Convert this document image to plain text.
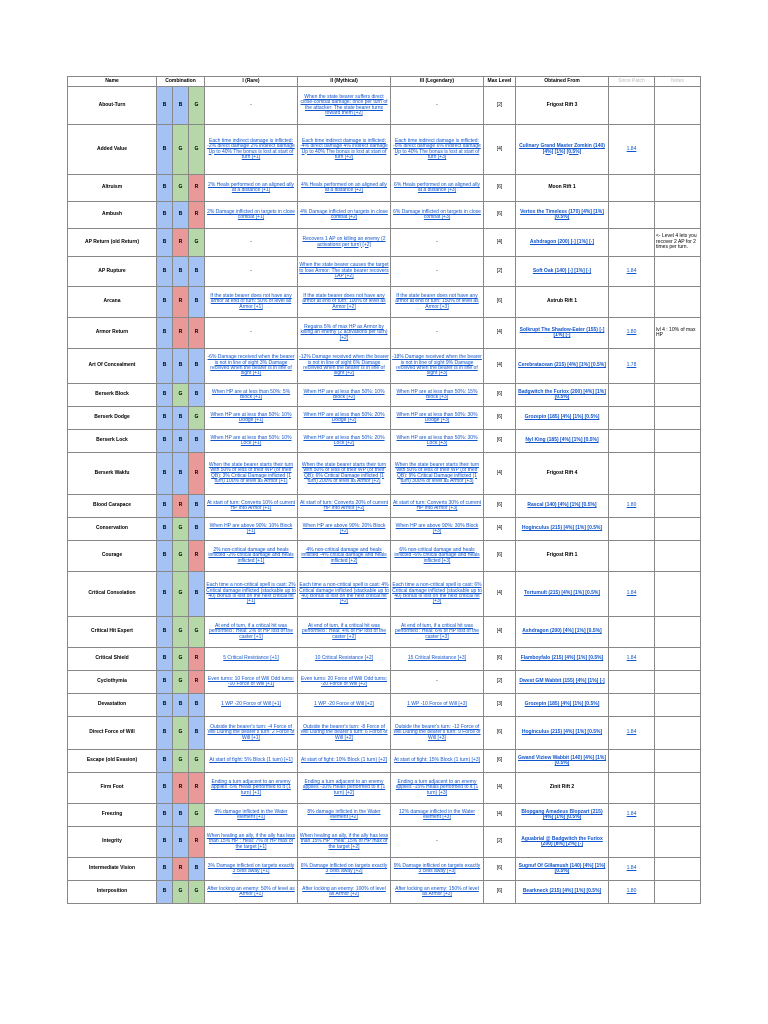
Name	Combination			I (Rare)	II (Mythical)	III (Legendary)	Max Level	Obtained From	Since Patch	Notes
About-Turn	B	B	G	-	When the state bearer suffers direct close-combat damage: once per turn of the attacker: The state bearer turns toward them [+2]	-	[2]	Frigost Rift 3		
Added Value	B	G	G	Each time indirect damage is inflicted: -2% direct damage 2% indirect damage Up to 40% The bonus is lost at start of turn [+1]	Each time indirect damage is inflicted: -4% direct damage 4% indirect damage Up to 40% The bonus is lost at start of turn [+2]	Each time indirect damage is inflicted: -6% direct damage 6% indirect damage Up to 40% The bonus is lost at start of turn [+3]	[4]	Culinary Grand Master Zomkin (140) [4%] [1%] [0.5%]	1.84	
Altruism	B	G	R	2% Heals performed on an aligned ally at a distance [+1]	4% Heals performed on an aligned ally at a distance [+2]	6% Heals performed on an aligned ally at a distance [+3]	[6]	Moon Rift 1		
Ambush	B	B	R	2% Damage inflicted on targets in close combat [+1]	4% Damage inflicted on targets in close combat [+2]	6% Damage inflicted on targets in close combat [+3]	[6]	Vertox the Timeless (170) [4%] [1%] [0.5%]		
AP Return (old Return)	B	R	G	-	Recovers 1 AP on killing an enemy (2 activations per turn) [+2]	-	[4]	Ashdragon (200) [-] [1%] [-]		<- Level 4 lets you recover 2 AP for 2 times per turn.
AP Rupture	B	B	B	-	When the state bearer causes the target to lose Armor: The state bearer recovers 1AP [+2]	-	[2]	Soft Oak (140) [-] [1%] [-]	1.84	
Arcana	B	R	B	If the state bearer does not have any armor at end of turn: 50% of level as Armor [+1]	If the state bearer does not have any armor at end of turn: 100% of level as Armor [+2]	If the state bearer does not have any armor at end of turn: 150% of level as Armor [+3]	[6]	Astrub Rift 1		
Armor Return	B	R	R	-	Regains 5% of max HP as Armor by killing an enemy (2 activations per turn) [+2]	-	[4]	Solkrupt The Shadow-Eater (155) [-] [1%] [-]	1.80	lvl 4 : 10% of max HP
Art Of Concealment	B	B	B	-6% Damage received when the bearer is not in line of sight 3% Damage received when the bearer is in line of sight [+1]	-12% Damage received when the bearer is not in line of sight 6% Damage received when the bearer is in line of sight [+2]	-18% Damage received when the bearer is not in line of sight 9% Damage received when the bearer is in line of sight [+3]	[4]	Cerebratacean (215) [4%] [1%] [0.5%]	1.78	
Berserk Block	B	G	B	When HP are at less than 50%: 5% Block [+1]	When HP are at less than 50%: 10% Block [+2]	When HP are at less than 50%: 15% Block [+3]	[6]	Badgwitch the Furiox (200) [4%] [1%] [0.5%]		
Berserk Dodge	B	B	G	When HP are at less than 50%: 10% Dodge [+1]	When HP are at less than 50%: 20% Dodge [+2]	When HP are at less than 50%: 30% Dodge [+3]	[6]	Grozepin (185) [4%] [1%] [0.5%]		
Berserk Lock	B	B	B	When HP are at less than 50%: 10% Lock [+1]	When HP are at less than 50%: 20% Lock [+2]	When HP are at less than 50%: 30% Lock [+3]	[6]	Nyl King (185) [4%] [1%] [0.5%]		
Berserk Wakfu	B	B	R	When the state bearer starts their turn with 50% or less of their WP (or their QB): 3% Critical Damage inflicted (1 turn) 100% of level as Armor [+1]	When the state bearer starts their turn with 50% or less of their WP (or their QB): 6% Critical Damage inflicted (1 turn) 200% of level as Armor [+2]	When the state bearer starts their turn with 50% or less of their WP (or their QB): 9% Critical Damage inflicted (1 turn) 300% of level as Armor [+3]	[4]	Frigost Rift 4		
Blood Carapace	B	R	B	At start of turn: Converts 10% of current HP into Armor [+1]	At start of turn: Converts 20% of current HP into Armor [+2]	At start of turn: Converts 30% of current HP into Armor [+3]	[6]	Rascal (140) [4%] [1%] [0.5%]	1.80	
Conservation	B	G	B	When HP are above 90%: 10% Block [+1]	When HP are above 90%: 20% Block [+2]	When HP are above 90%: 30% Block [+3]	[4]	Hoginculus (215) [4%] [1%] [0.5%]		
Courage	B	G	R	2% non-critical damage and heals inflicted -2% critical damage and heals inflicted [+1]	4% non-critical damage and heals inflicted -4% critical damage and heals inflicted [+2]	6% non-critical damage and heals inflicted -6% critical damage and heals inflicted [+3]	[6]	Frigost Rift 1		
Critical Consolation	B	G	B	Each time a non-critical spell is cast: 2% Critical damage inflicted (stackable up to 40) Bonus is lost on the next critical hit [+1]	Each time a non-critical spell is cast: 4% Critical damage inflicted (stackable up to 40) Bonus is lost on the next critical hit [+2]	Each time a non-critical spell is cast: 6% Critical damage inflicted (stackable up to 40) Bonus is lost on the next critical hit [+3]	[4]	Tortumult (215) [4%] [1%] [0.5%]	1.84	
Critical Hit Expert	B	G	G	At end of turn, if a critical hit was performed : Heal: 2% of HP lost of the caster [+1]	At end of turn, if a critical hit was performed : Heal: 4% of HP lost of the caster [+2]	At end of turn, if a critical hit was performed : Heal: 6% of HP lost of the caster [+3]	[4]	Ashdragon (200) [4%] [1%] [0.5%]		
Critical Shield	B	G	R	5 Critical Resistance [+1]	10 Critical Resistance [+2]	15 Critical Resistance [+3]	[6]	Flamboyfalo (215) [4%] [1%] [0.5%]	1.84	
Cyclothymia	B	G	R	Even turns: 10 Force of Will Odd turns: -10 Force of Will [+1]	Even turns: 20 Force of Will Odd turns: -20 Force of Will [+2]	-	[2]	Dwest GM Wabbit (155) [4%] [1%] [-]		
Devastation	B	B	B	1 WP -20 Force of Will [+1]	1 WP -20 Force of Will [+2]	1 WP -10 Force of Will [+3]	[3]	Grozepin (185) [4%] [1%] [0.5%]		
Direct Force of Will	B	G	B	Outside the bearer's turn: -4 Force of Will During the bearer's turn: 2 Force of Will [+1]	Outside the bearer's turn: -8 Force of Will During the bearer's turn: 6 Force of Will [+2]	Outside the bearer's turn: -12 Force of Will During the bearer's turn: 9 Force of Will [+3]	[6]	Hoginculus (215) [4%] [1%] [0.5%]	1.84	
Escape (old Evasion)	B	G	G	At start of fight: 5% Block (1 turn) [+1]	At start of fight: 10% Block (1 turn) [+2]	At start of fight: 15% Block (1 turn) [+3]	[6]	Gwand Viziew Wabbit (140) [4%] [1%] [0.5%]		
Firm Foot	B	R	R	Ending a turn adjacent to an enemy applies -5% Heals performed to it (1 turn) [+1]	Ending a turn adjacent to an enemy applies -10% Heals performed to it (1 turn) [+2]	Ending a turn adjacent to an enemy applies -15% Heals performed to it (1 turn) [+3]	[4]	Zinit Rift 2		
Freezing	B	B	G	4% damage inflicted in the Water element [+1]	8% damage inflicted in the Water element [+2]	12% damage inflicted in the Water element [+3]	[4]	Blopgang Amadeus Blopzart (215) [4%] [1%] [0.5%]	1.84	
Integrity	B	B	R	When healing an ally, if the ally has less than 15% HP : Heal: 7% of HP max of the target [+1]	When healing an ally, if the ally has less than 15% HP : Heal: 15% of HP max of the target [+2]	-	[2]	Aguabrial @ Badgwitch the Furiox (200) [8%] [2%] [-]		
Intermediate Vision	B	R	B	3% Damage inflicted on targets exactly 3 cells away [+1]	6% Damage inflicted on targets exactly 3 cells away [+2]	9% Damage inflicted on targets exactly 3 cells away [+3]	[6]	Sugnuf Of Gillamush (140) [4%] [1%] [0.5%]	1.84	
Interposition	B	G	G	After locking an enemy: 50% of level as Armor [+1]	After locking an enemy: 100% of level as Armor [+2]	After locking an enemy: 150% of level as Armor [+3]	[6]	Bearkneck (215) [4%] [1%] [0.5%]	1.80	
